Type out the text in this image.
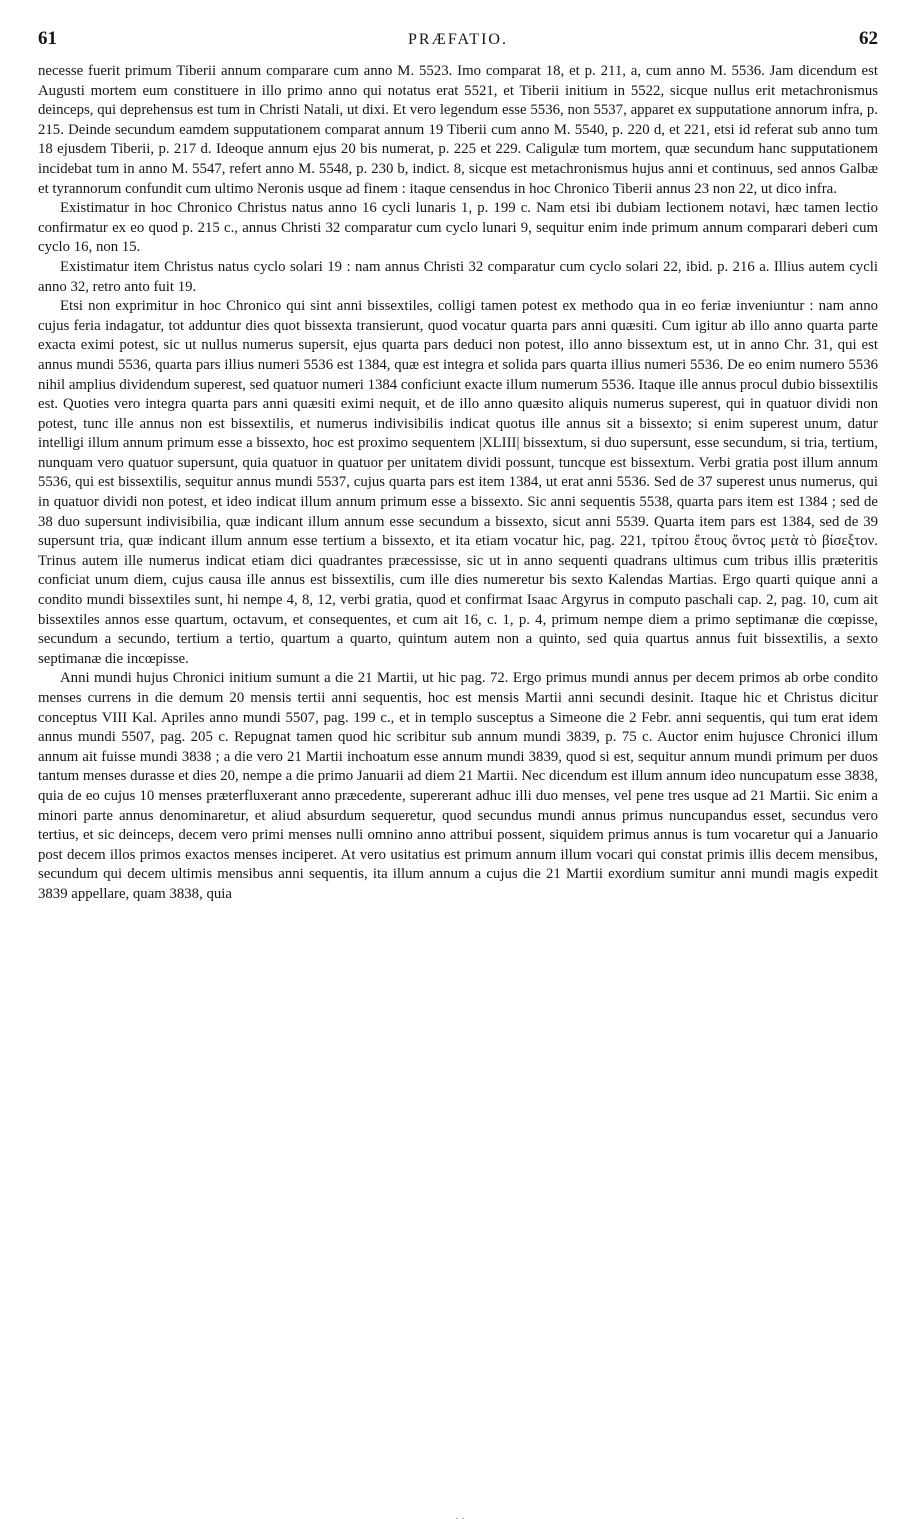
61	PRÆFATIO.	62

necesse fuerit primum Tiberii annum comparare cum anno M. 5523. Imo comparat 18, et p. 211, a, cum anno M. 5536. Jam dicendum est Augusti mortem eum constituere in illo primo anno qui notatus erat 5521, et Tiberii initium in 5522, sicque nullus erit metachronismus deinceps, qui deprehensus est tum in Christi Natali, ut dixi. Et vero legendum esse 5536, non 5537, apparet ex supputatione annorum infra, p. 215. Deinde secundum eamdem supputationem comparat annum 19 Tiberii cum anno M. 5540, p. 220 d, et 221, etsi id referat sub anno tum 18 ejusdem Tiberii, p. 217 d. Ideoque annum ejus 20 bis numerat, p. 225 et 229. Caligulæ tum mortem, quæ secundum hanc supputationem incidebat tum in anno M. 5547, refert anno M. 5548, p. 230 b, indict. 8, sicque est metachronismus hujus anni et continuus, sed annos Galbæ et tyrannorum confundit cum ultimo Neronis usque ad finem : itaque censendus in hoc Chronico Tiberii annus 23 non 22, ut dico infra.

Existimatur in hoc Chronico Christus natus anno 16 cycli lunaris 1, p. 199 c. Nam etsi ibi dubiam lectionem notavi, hæc tamen lectio confirmatur ex eo quod p. 215 c., annus Christi 32 comparatur cum cyclo lunari 9, sequitur enim inde primum annum comparari deberi cum cyclo 16, non 15.

Existimatur item Christus natus cyclo solari 19 : nam annus Christi 32 comparatur cum cyclo solari 22, ibid. p. 216 a. Illius autem cycli anno 32, retro anto fuit 19.

Etsi non exprimitur in hoc Chronico qui sint anni bissextiles, colligi tamen potest ex methodo qua in eo feriæ inveniuntur : nam anno cujus feria indagatur, tot adduntur dies quot bissexta transierunt, quod vocatur quarta pars anni quæsiti. Cum igitur ab illo anno quarta parte exacta eximi potest, sic ut nullus numerus supersit, ejus quarta pars deduci non potest, illo anno bissextum est, ut in anno Chr. 31, qui est annus mundi 5536, quarta pars illius numeri 5536 est 1384, quæ est integra et solida pars quarta illius numeri 5536. De eo enim numero 5536 nihil amplius dividendum superest, sed quatuor numeri 1384 conficiunt exacte illum numerum 5536. Itaque ille annus procul dubio bissextilis est. Quoties vero integra quarta pars anni quæsiti eximi nequit, et de illo anno quæsito aliquis numerus superest, qui in quatuor dividi non potest, tunc ille annus non est bissextilis, et numerus indivisibilis indicat quotus ille annus sit a bissexto; si enim superest unum, datur intelligi illum annum primum esse a bissexto, hoc est proximo sequentem |XLIII| bissextum, si duo supersunt, esse secundum, si tria, tertium, nunquam vero quatuor supersunt, quia quatuor in quatuor per unitatem dividi possunt, tuncque est bissextum. Verbi gratia post illum annum 5536, qui est bissextilis, sequitur annus mundi 5537, cujus quarta pars est item 1384, ut erat anni 5536. Sed de 37 superest unus numerus, qui in quatuor dividi non potest, et ideo indicat illum annum primum esse a bissexto. Sic anni sequentis 5538, quarta pars item est 1384 ; sed de 38 duo supersunt indivisibilia, quæ indicant illum annum esse secundum a bissexto, sicut anni 5539. Quarta item pars est 1384, sed de 39 supersunt tria, quæ indicant illum annum esse tertium a bissexto, et ita etiam vocatur hic, pag. 221, τρίτου ἔτους ὄντος μετὰ τὸ βίσεξτον. Trinus autem ille numerus indicat etiam dici quadrantes præcessisse, sic ut in anno sequenti quadrans ultimus cum tribus illis præteritis conficiat unum diem, cujus causa ille annus est bissextilis, cum ille dies numeretur bis sexto Kalendas Martias. Ergo quarti quique anni a condito mundi bissextiles sunt, hi nempe 4, 8, 12, verbi gratia, quod et confirmat Isaac Argyrus in computo paschali cap. 2, pag. 10, cum ait bissextiles annos esse quartum, octavum, et consequentes, et cum ait 16, c. 1, p. 4, primum nempe diem a primo septimanæ die cœpisse, secundum a secundo, tertium a tertio, quartum a quarto, quintum autem non a quinto, sed quia quartus annus fuit bissextilis, a sexto septimanæ die incœpisse.

Anni mundi hujus Chronici initium sumunt a die 21 Martii, ut hic pag. 72. Ergo primus mundi annus per decem primos ab orbe condito menses currens in die demum 20 mensis tertii anni sequentis, hoc est mensis Martii anni secundi desinit. Itaque hic et Christus dicitur conceptus VIII Kal. Apriles anno mundi 5507, pag. 199 c., et in templo susceptus a Simeone die 2 Febr. anni sequentis, qui tum erat idem annus mundi 5507, pag. 205 c. Repugnat tamen quod hic scribitur sub annum mundi 3839, p. 75 c. Auctor enim hujusce Chronici illum annum ait fuisse mundi 3838 ; a die vero 21 Martii inchoatum esse annum mundi 3839, quod si est, sequitur annum mundi primum per duos tantum menses durasse et dies 20, nempe a die primo Januarii ad diem 21 Martii. Nec dicendum est illum annum ideo nuncupatum esse 3838, quia de eo cujus 10 menses præterfluxerant anno præcedente, supererant adhuc illi duo menses, vel pene tres usque ad 21 Martii. Sic enim a minori parte annus denominaretur, et aliud absurdum sequeretur, quod secundus mundi annus primus nuncupandus esset, secundus vero tertius, et sic deinceps, decem vero primi menses nulli omnino anno attribui possent, siquidem primus annus is tum vocaretur qui a Januario post decem illos primos exactos menses inciperet. At vero usitatius est primum annum illum vocari qui constat primis illis decem mensibus, secundum qui decem ultimis mensibus anni sequentis, ita illum annum a cujus die 21 Martii exordium sumitur anni mundi magis expedit 3839 appellare, quam 3838, quia

. .
